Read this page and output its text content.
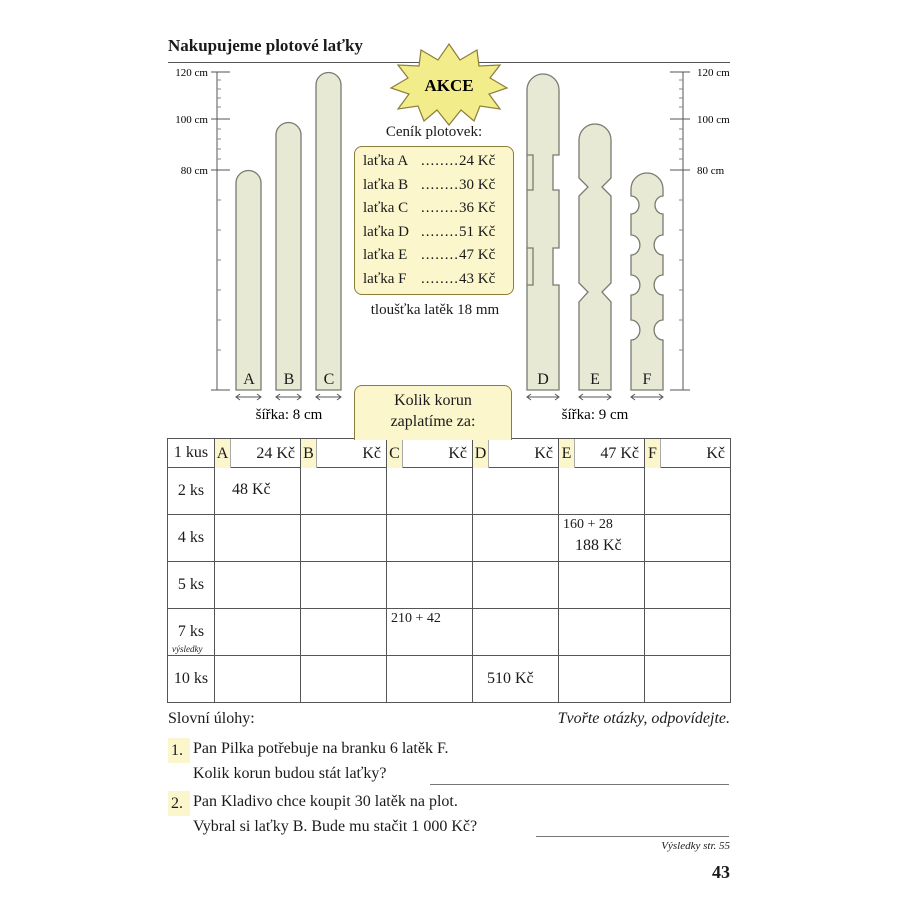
Nakupujeme plotové laťky
120 cm
100 cm
80 cm
120 cm
100 cm
80 cm
A B C	D	E	F
šířka: 8 cm	šířka: 9 cm
AKCE
Ceník plotovek:
laťka A ........ 24 Kč
laťka B ........ 30 Kč
laťka C ........ 36 Kč
laťka D ........ 51 Kč
laťka E ........ 47 Kč
laťka F ........ 43 Kč
tloušťka latěk 18 mm
Kolik korun
zaplatíme za:
1 kus	A 24 Kč	B Kč	C Kč	D Kč	E 47 Kč	F Kč

2 ks	48 Kč					

4 ks					160 + 28
188 Kč	

5 ks						
7 ks
výsledky			210 + 42			

10 ks				510 Kč		

Slovní úlohy:	Tvořte otázky, odpovídejte.
1. Pan Pilka potřebuje na branku 6 latěk F.
Kolik korun budou stát laťky?
2. Pan Kladivo chce koupit 30 latěk na plot.
Vybral si laťky B. Bude mu stačit 1 000 Kč?
Výsledky str. 55
43
